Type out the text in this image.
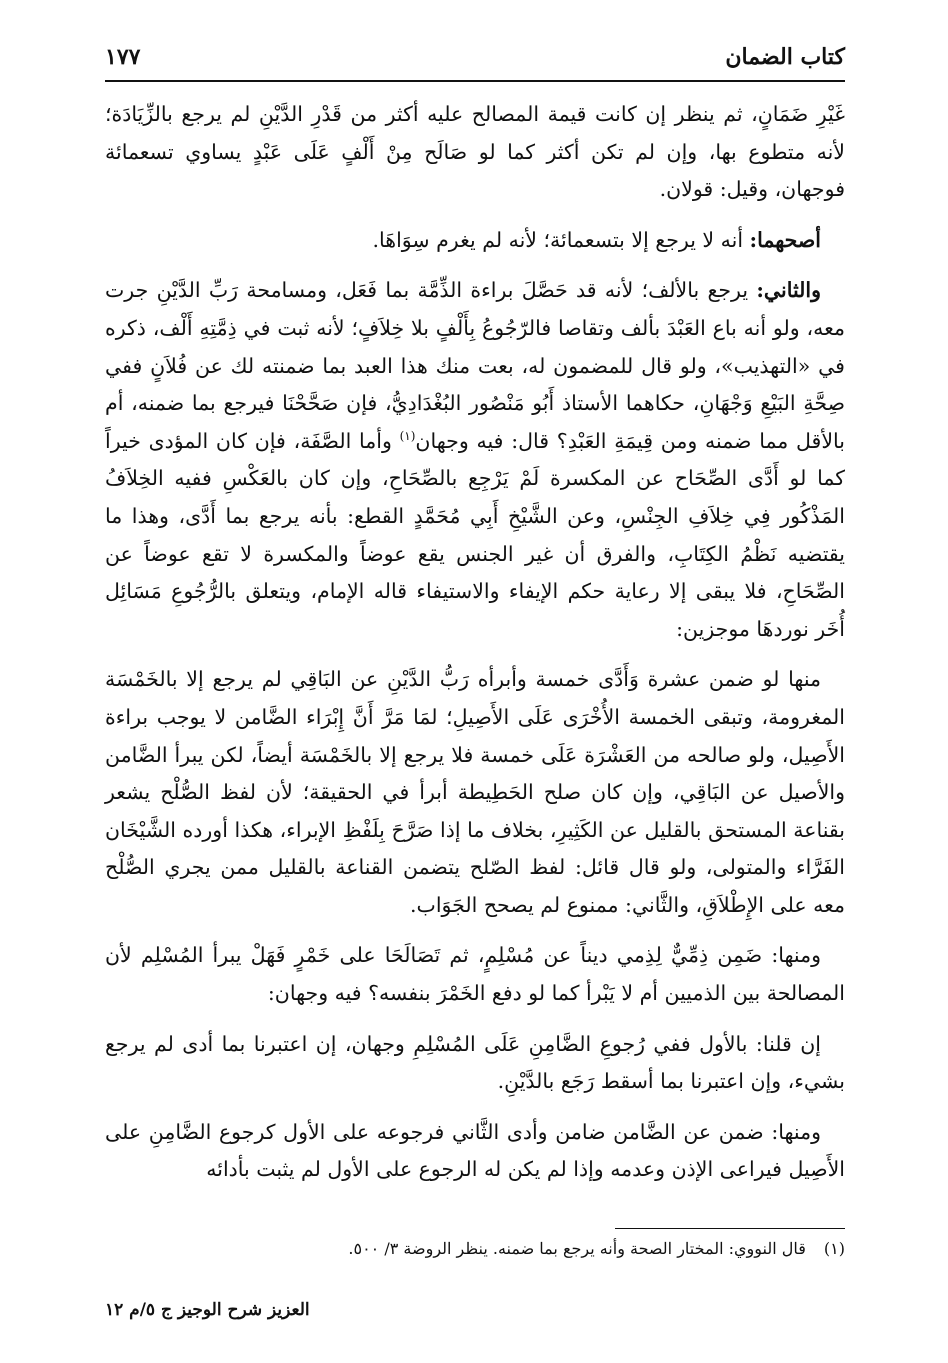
كتاب الضمان
١٧٧

غَيْرِ ضَمَانٍ، ثم ينظر إن كانت قيمة المصالح عليه أكثر من قَدْرِ الدَّيْنِ لم يرجع بالزِّيَادَة؛ لأنه متطوع بها، وإن لم تكن أكثر كما لو صَالَح مِنْ أَلْفٍ عَلَى عَبْدٍ يساوي تسعمائة فوجهان، وقيل: قولان.

أصحهما: أنه لا يرجع إلا بتسعمائة؛ لأنه لم يغرم سِوَاهَا.

والثاني: يرجع بالألف؛ لأنه قد حَصَّلَ براءة الذِّمَّة بما فَعَل، ومسامحة رَبِّ الدَّيْنِ جرت معه، ولو أنه باع العَبْدَ بألف وتقاصا فالرّجُوعُ بِأَلْفٍ بلا خِلاَفٍ؛ لأنه ثبت في ذِمَّتِهِ أَلْف، ذكره في «التهذيب»، ولو قال للمضمون له، بعت منك هذا العبد بما ضمنته لك عن فُلاَنٍ ففي صِحَّةِ البَيْعِ وَجْهَانِ، حكاهما الأستاذ أَبُو مَنْصُور البُغْدَادِيُّ، فإن صَحَّحْنَا فيرجع بما ضمنه، أم بالأقل مما ضمنه ومن قِيمَةِ العَبْدِ؟ قال: فيه وجهان$^{(١)}$ وأما الصَّفَة، فإن كان المؤدى خيراً كما لو أَدَّى الصِّحَاح عن المكسرة لَمْ يَرْجِع بالصِّحَاحِ، وإن كان بالعَكْسِ ففيه الخِلاَفُ المَذْكُور فِي خِلاَفِ الجِنْسِ، وعن الشَّيْخِ أَبِي مُحَمَّدٍ القطع: بأنه يرجع بما أَدَّى، وهذا ما يقتضيه نَظْمُ الكِتَابِ، والفرق أن غير الجنس يقع عوضاً والمكسرة لا تقع عوضاً عن الصِّحَاحِ، فلا يبقى إلا رعاية حكم الإيفاء والاستيفاء قاله الإمام، ويتعلق بالرُّجُوعِ مَسَائِل أُخَر نوردهَا موجزين:

منها لو ضمن عشرة وَأَدَّى خمسة وأبرأه رَبُّ الدَّيْنِ عن البَاقِي لم يرجع إلا بالخَمْسَة المغرومة، وتبقى الخمسة الأُخْرَى عَلَى الأَصِيلِ؛ لمَا مَرَّ أَنَّ إِبْرَاء الضَّامن لا يوجب براءة الأَصِيل، ولو صالحه من العَشْرَة عَلَى خمسة فلا يرجع إلا بالخَمْسَة أيضاً، لكن يبرأ الضَّامن والأصيل عن البَاقِي، وإن كان صلح الحَطِيطة أبرأ في الحقيقة؛ لأن لفظ الصُّلْح يشعر بقناعة المستحق بالقليل عن الكَثِيرِ، بخلاف ما إذا صَرَّحَ بِلَفْظِ الإبراء، هكذا أورده الشَّيْخَان الفَرَّاء والمتولى، ولو قال قائل: لفظ الصّلح يتضمن القناعة بالقليل ممن يجري الصُّلْح معه على الإِطْلاَقِ، والثَّاني: ممنوع لم يصحح الجَوَاب.

ومنها: ضَمِن ذِمِّيٌّ لِذِمي ديناً عن مُسْلِمٍ، ثم تَصَالَحَا على خَمْرٍ فَهَلْ يبرأ المُسْلِم لأن المصالحة بين الذميين أم لا يَبْرأ كما لو دفع الخَمْرَ بنفسه؟ فيه وجهان:

إن قلنا: بالأول ففي رُجوعِ الضَّامِنِ عَلَى المُسْلِمِ وجهان، إن اعتبرنا بما أدى لم يرجع بشيء، وإن اعتبرنا بما أسقط رَجَع بالدَّيْنِ.

ومنها: ضمن عن الضَّامن ضامن وأدى الثَّاني فرجوعه على الأول كرجوع الضَّامِنِ على الأَصِيل فيراعى الإذن وعدمه وإذا لم يكن له الرجوع على الأول لم يثبت بأدائه

(١)قال النووي: المختار الصحة وأنه يرجع بما ضمنه. ينظر الروضة ٣/ ٥٠٠.
العزيز شرح الوجيز ج ٥/م ١٢
